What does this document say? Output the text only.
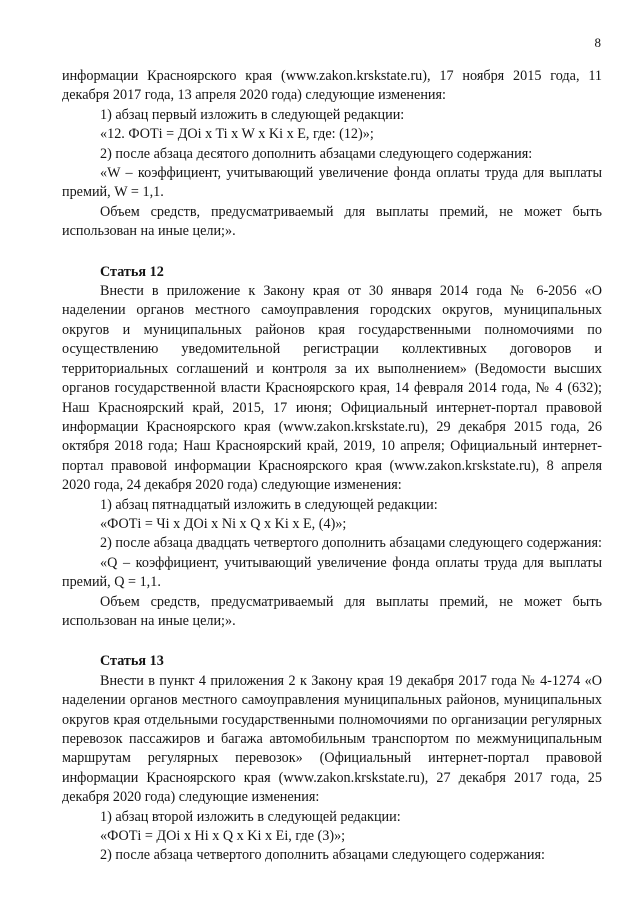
8

информации Красноярского края (www.zakon.krskstate.ru), 17 ноября 2015 года, 11 декабря 2017 года, 13 апреля 2020 года) следующие изменения:

1) абзац первый изложить в следующей редакции:

«12. ФОТi = ДОi x Ti x W x Ki x E, где: (12)»;

2) после абзаца десятого дополнить абзацами следующего содержания:

«W – коэффициент, учитывающий увеличение фонда оплаты труда для выплаты премий, W = 1,1.

Объем средств, предусматриваемый для выплаты премий, не может быть использован на иные цели;».

Статья 12

Внести в приложение к Закону края от 30 января 2014 года № 6-2056 «О наделении органов местного самоуправления городских округов, муниципальных округов и муниципальных районов края государственными полномочиями по осуществлению уведомительной регистрации коллективных договоров и территориальных соглашений и контроля за их выполнением» (Ведомости высших органов государственной власти Красноярского края, 14 февраля 2014 года, № 4 (632); Наш Красноярский край, 2015, 17 июня; Официальный интернет-портал правовой информации Красноярского края (www.zakon.krskstate.ru), 29 декабря 2015 года, 26 октября 2018 года; Наш Красноярский край, 2019, 10 апреля; Официальный интернет-портал правовой информации Красноярского края (www.zakon.krskstate.ru), 8 апреля 2020 года, 24 декабря 2020 года) следующие изменения:

1) абзац пятнадцатый изложить в следующей редакции:

«ФОТi = Чi x ДОi x Ni x Q x Ki x E, (4)»;

2) после абзаца двадцать четвертого дополнить абзацами следующего содержания:

«Q – коэффициент, учитывающий увеличение фонда оплаты труда для выплаты премий, Q = 1,1.

Объем средств, предусматриваемый для выплаты премий, не может быть использован на иные цели;».

Статья 13

Внести в пункт 4 приложения 2 к Закону края 19 декабря 2017 года № 4-1274 «О наделении органов местного самоуправления муниципальных районов, муниципальных округов края отдельными государственными полномочиями по организации регулярных перевозок пассажиров и багажа автомобильным транспортом по межмуниципальным маршрутам регулярных перевозок» (Официальный интернет-портал правовой информации Красноярского края (www.zakon.krskstate.ru), 27 декабря 2017 года, 25 декабря 2020 года) следующие изменения:

1) абзац второй изложить в следующей редакции:

«ФОТi = ДОi x Hi x Q x Ki x Ei, где (3)»;

2) после абзаца четвертого дополнить абзацами следующего содержания:
